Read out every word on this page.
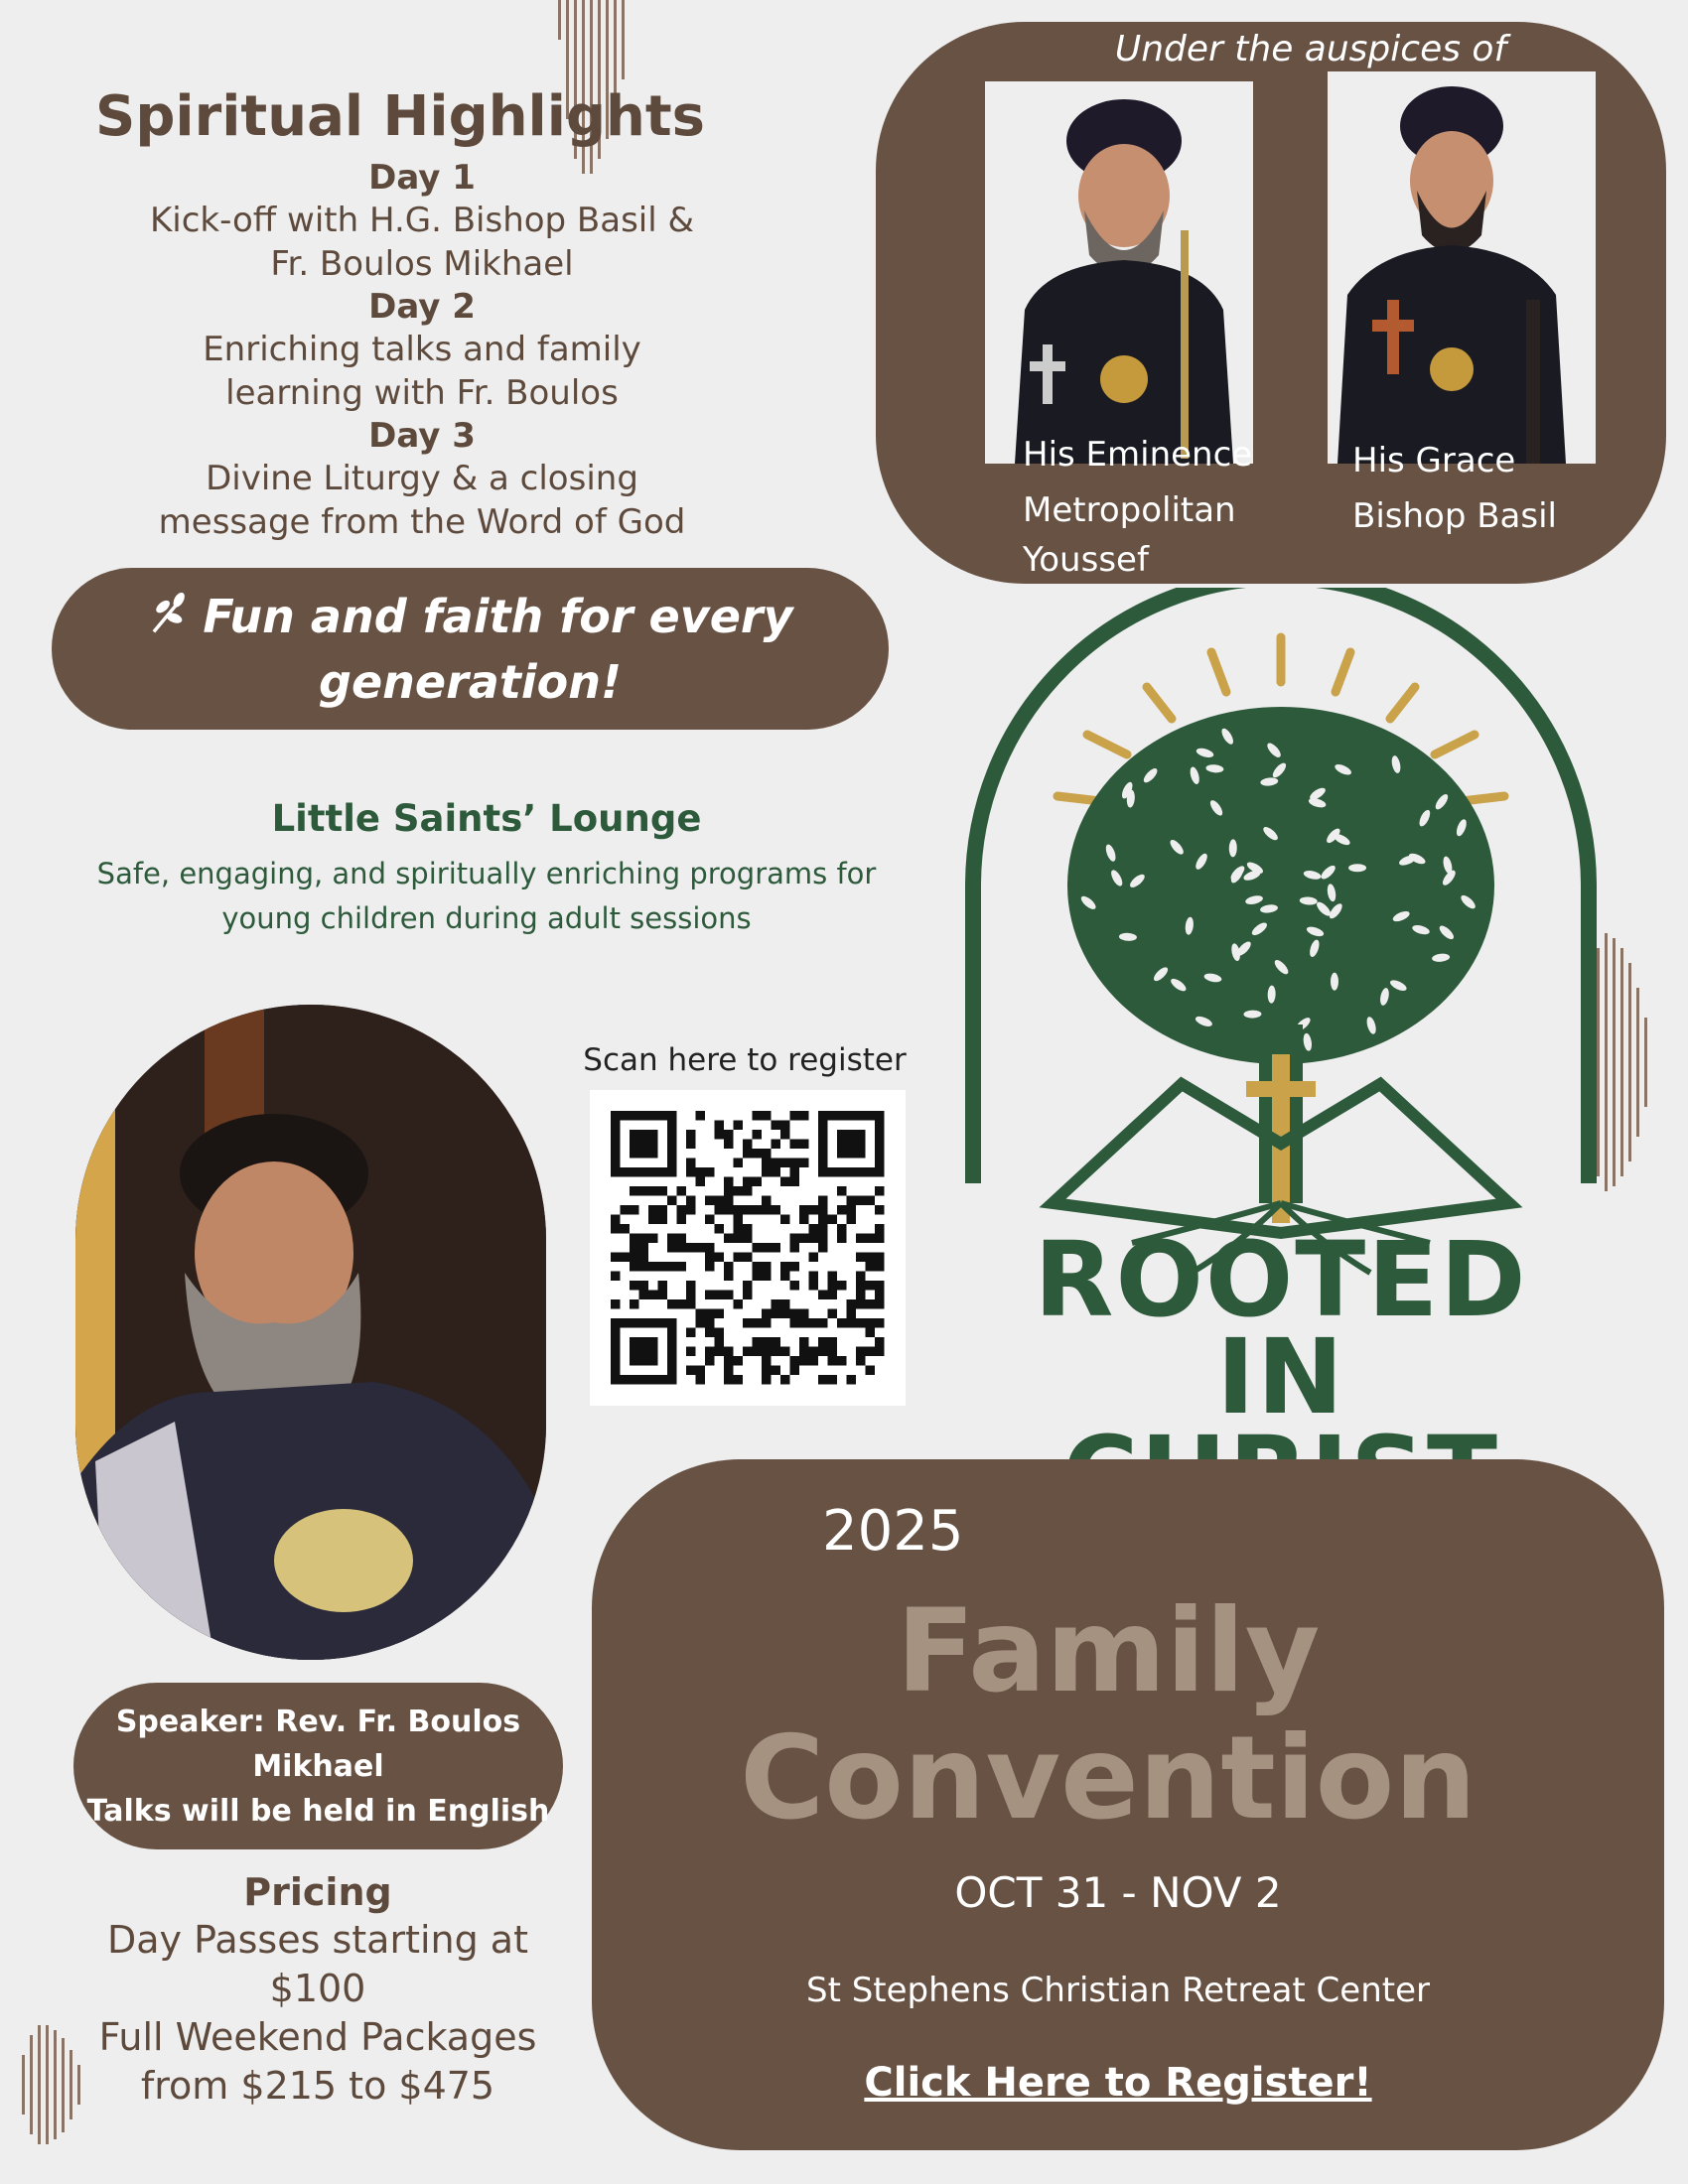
Spiritual Highlights
Day 1
Kick-off with H.G. Bishop Basil &
Fr. Boulos Mikhael
Day 2
Enriching talks and family
learning with Fr. Boulos
Day 3
Divine Liturgy & a closing
message from the Word of God
Fun and faith for every generation!
Little Saints’ Lounge
Safe, engaging, and spiritually enriching programs for
young children during adult sessions
Under the auspices of
His Eminence
Metropolitan
Youssef
His Grace
Bishop Basil
Speaker: Rev. Fr. Boulos
Mikhael
Talks will be held in English
Pricing
Day Passes starting at
$100
Full Weekend Packages
from $215 to $475
Scan here to register
ROOTED IN
2025
Family
Convention
OCT 31 - NOV 2
St Stephens Christian Retreat Center
Click Here to Register!
